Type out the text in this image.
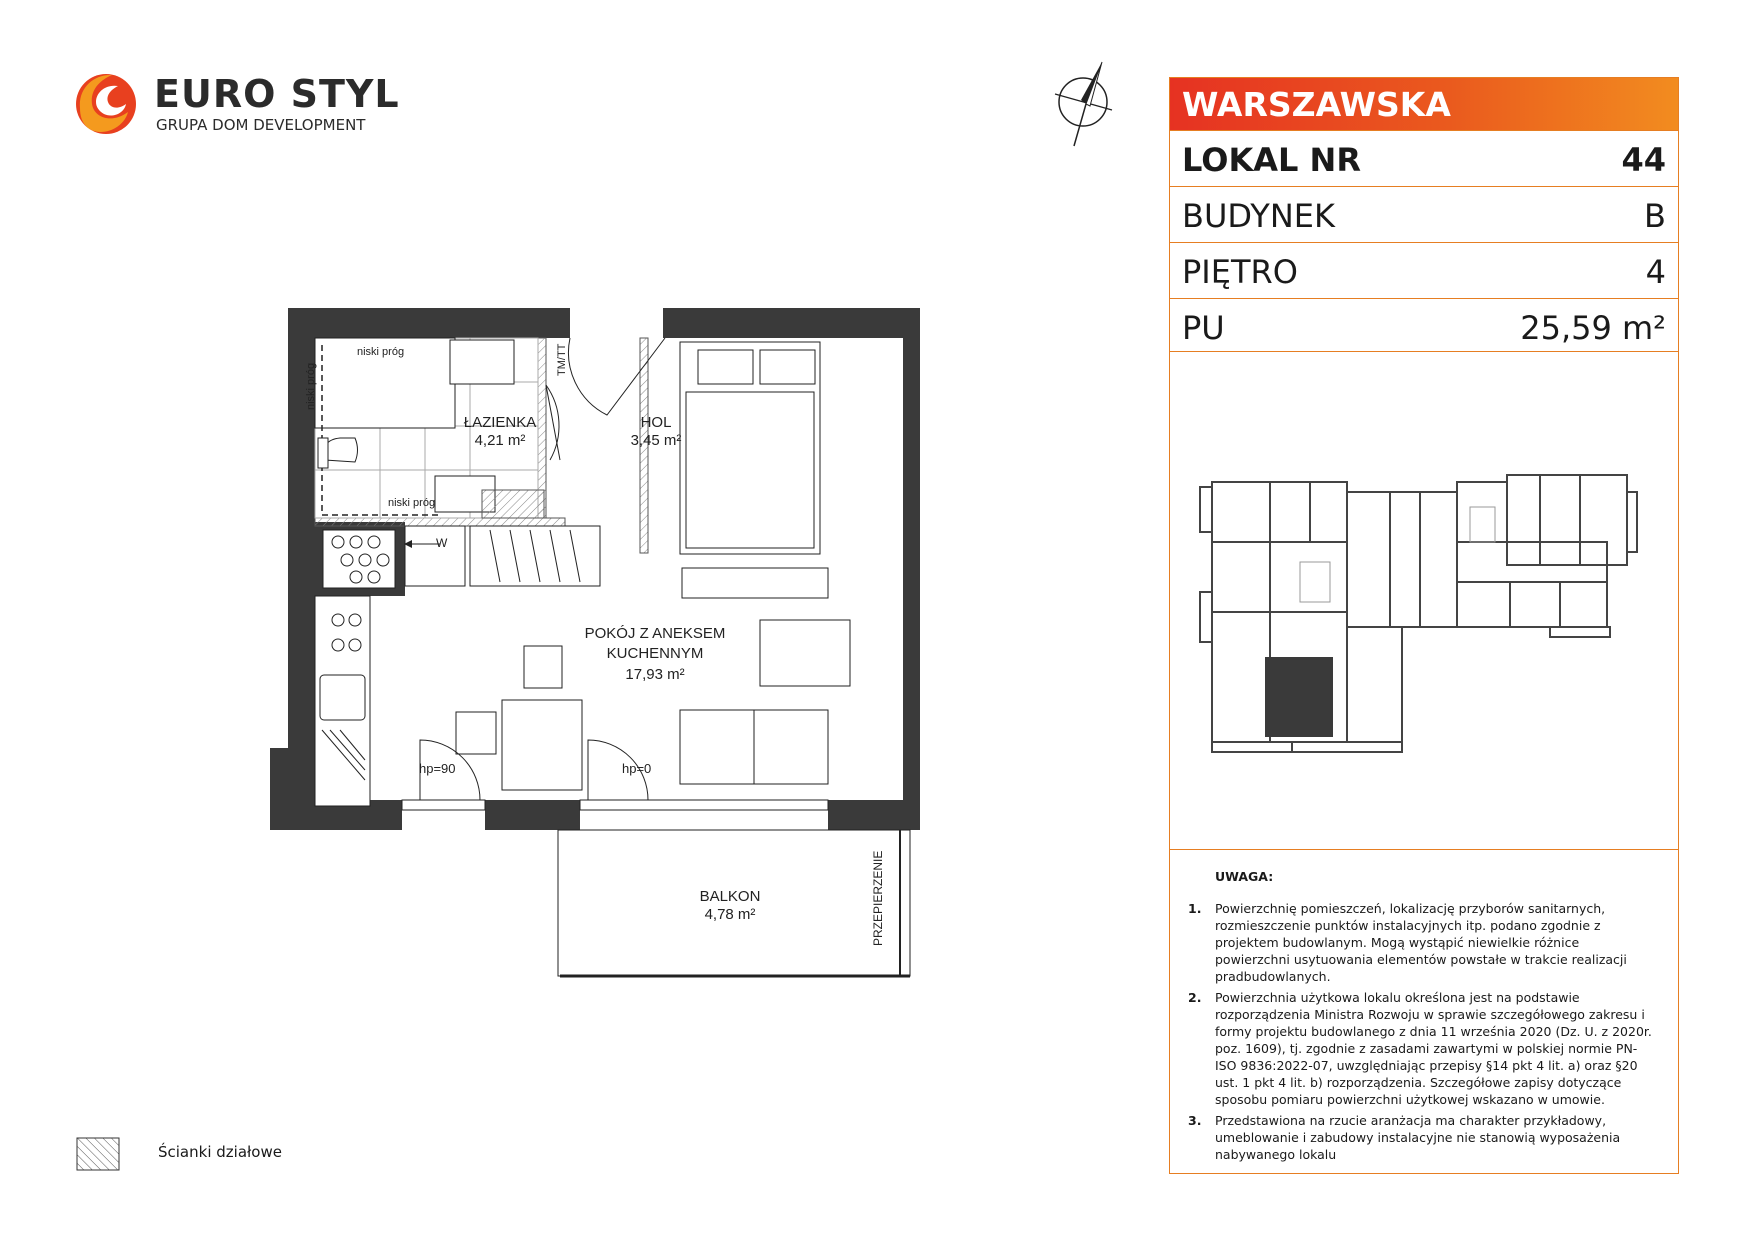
EURO STYL
GRUPA DOM DEVELOPMENT
ŁAZIENKA
4,21 m²
HOL
3,45 m²
POKÓJ Z ANEKSEM
KUCHENNYM
17,93 m²
BALKON
4,78 m²
niski próg
niski próg
niski próg
TM/TT
W
hp=90	hp=0
PRZEPIERZENIE
WARSZAWSKA
LOKAL NR	44
BUDYNEK	B
PIĘTRO	4
PU	25,59 m²
UWAGA:
1. Powierzchnię pomieszczeń, lokalizację przyborów sanitarnych, rozmieszczenie punktów instalacyjnych itp. podano zgodnie z projektem budowlanym. Mogą wystąpić niewielkie różnice powierzchni usytuowania elementów powstałe w trakcie realizacji pradbudowlanych.
2. Powierzchnia użytkowa lokalu określona jest na podstawie rozporządzenia Ministra Rozwoju w sprawie szczegółowego zakresu i formy projektu budowlanego z dnia 11 września 2020 (Dz. U. z 2020r. poz. 1609), tj. zgodnie z zasadami zawartymi w polskiej normie PN-ISO 9836:2022-07, uwzględniając przepisy §14 pkt 4 lit. a) oraz §20 ust. 1 pkt 4 lit. b) rozporządzenia. Szczegółowe zapisy dotyczące sposobu pomiaru powierzchni użytkowej wskazano w umowie.
3. Przedstawiona na rzucie aranżacja ma charakter przykładowy, umeblowanie i zabudowy instalacyjne nie stanowią wyposażenia nabywanego lokalu
Ścianki działowe
